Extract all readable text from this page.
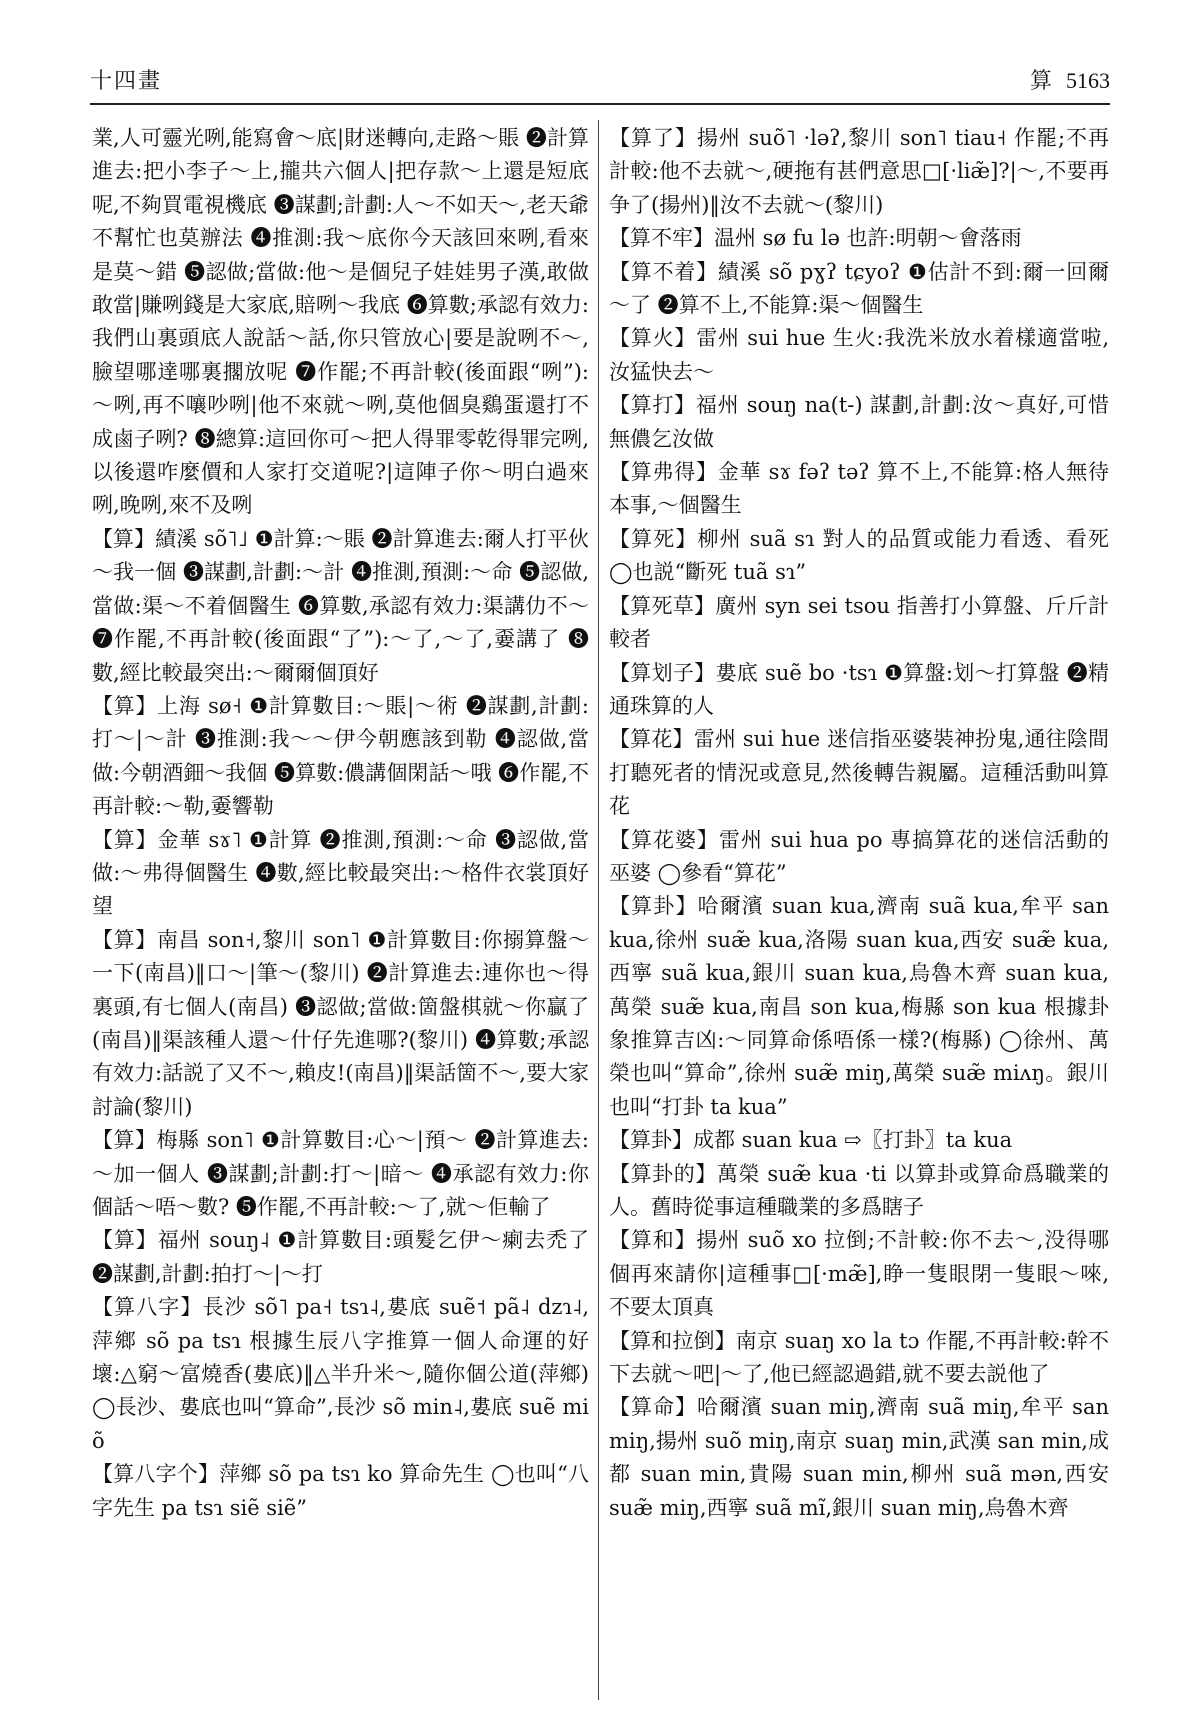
十四畫	算 5163

業,人可靈光咧,能寫會～底|財迷轉向,走路～賬 ❷計算進去:把小李子～上,攏共六個人|把存款～上還是短底呢,不夠買電視機底 ❸謀劃;計劃:人～不如天～,老天爺不幫忙也莫辦法 ❹推測:我～底你今天該回來咧,看來是莫～錯 ❺認做;當做:他～是個兒子娃娃男子漢,敢做敢當|賺咧錢是大家底,賠咧～我底 ❻算數;承認有效力:我們山裏頭底人說話～話,你只管放心|要是說咧不～,臉望哪達哪裏擱放呢 ❼作罷;不再計較(後面跟“咧”):～咧,再不嚷吵咧|他不來就～咧,莫他個臭鷄蛋還打不成鹵子咧? ❽總算:這回你可～把人得罪零乾得罪完咧,以後還咋麼價和人家打交道呢?|這陣子你～明白過來咧,晚咧,來不及咧

【算】績溪 sõ˥˩ ❶計算:～賬 ❷計算進去:爾人打平伙～我一個 ❸謀劃,計劃:～計 ❹推測,預測:～命 ❺認做,當做:渠～不着個醫生 ❻算數,承認有效力:渠講仂不～ ❼作罷,不再計較(後面跟“了”):～了,～了,嫑講了 ❽數,經比較最突出:～爾爾個頂好

【算】上海 sø˧ ❶計算數目:～賬|～術 ❷謀劃,計劃:打～|～計 ❸推測:我～～伊今朝應該到勒 ❹認做,當做:今朝酒鈿～我個 ❺算數:儂講個閑話～哦 ❻作罷,不再計較:～勒,嫑響勒

【算】金華 sɤ˥ ❶計算 ❷推測,預測:～命 ❸認做,當做:～弗得個醫生 ❹數,經比較最突出:～格件衣裳頂好望

【算】南昌 son˧,黎川 son˥ ❶計算數目:你搦算盤～一下(南昌)‖口～|筆～(黎川) ❷計算進去:連你也～得裏頭,有七個人(南昌) ❸認做;當做:箇盤棋就～你贏了(南昌)‖渠該種人還～什仔先進哪?(黎川) ❹算數;承認有效力:話説了又不～,賴皮!(南昌)‖渠話箇不～,要大家討論(黎川)

【算】梅縣 son˥ ❶計算數目:心～|預～ ❷計算進去:～加一個人 ❸謀劃;計劃:打～|暗～ ❹承認有效力:你個話～唔～數? ❺作罷,不再計較:～了,就～佢輸了

【算】福州 souŋ˨ ❶計算數目:頭髮乞伊～瘌去禿了 ❷謀劃,計劃:拍打～|～打

【算八字】長沙 sõ˥ pa˧ tsɿ˨,婁底 suẽ˦ pã˨ dzɿ˨,萍鄉 sõ pa tsɿ 根據生辰八字推算一個人命運的好壞:△窮～富燒香(婁底)‖△半升米～,隨你個公道(萍鄉) ◯長沙、婁底也叫“算命”,長沙 sõ min˨,婁底 suẽ mi õ

【算八字个】萍鄉 sõ pa tsɿ ko 算命先生 ◯也叫“八字先生 pa tsɿ siẽ siẽ”

【算了】揚州 suõ˥ ·ləʔ,黎川 son˥ tiau˧ 作罷;不再計較:他不去就～,硬拖有甚們意思□[·liæ̃]?|～,不要再争了(揚州)‖汝不去就～(黎川)

【算不牢】温州 sø fu lə 也許:明朝～會落雨

【算不着】績溪 sõ pɣʔ tɕyoʔ ❶估計不到:爾一回爾～了 ❷算不上,不能算:渠～個醫生

【算火】雷州 sui hue 生火:我洗米放水着樣適當啦,汝猛快去～

【算打】福州 souŋ na(t-) 謀劃,計劃:汝～真好,可惜無儂乞汝做

【算弗得】金華 sɤ fəʔ təʔ 算不上,不能算:格人無待本事,～個醫生

【算死】柳州 suã sɿ 對人的品質或能力看透、看死 ◯也説“斷死 tuã sɿ”

【算死草】廣州 syn sei tsou 指善打小算盤、斤斤計較者

【算划子】婁底 suẽ bo ·tsɿ ❶算盤:划～打算盤 ❷精通珠算的人

【算花】雷州 sui hue 迷信指巫婆裝神扮鬼,通往陰間打聽死者的情況或意見,然後轉告親屬。這種活動叫算花

【算花婆】雷州 sui hua po 專搞算花的迷信活動的巫婆 ◯參看“算花”

【算卦】哈爾濱 suan kua,濟南 suã kua,牟平 san kua,徐州 suæ̃ kua,洛陽 suan kua,西安 suæ̃ kua,西寧 suã kua,銀川 suan kua,烏魯木齊 suan kua,萬榮 suæ̃ kua,南昌 son kua,梅縣 son kua 根據卦象推算吉凶:～同算命係唔係一樣?(梅縣) ◯徐州、萬榮也叫“算命”,徐州 suæ̃ miŋ,萬榮 suæ̃ miʌŋ。銀川也叫“打卦 ta kua”

【算卦】成都 suan kua ⇨〖打卦〗ta kua

【算卦的】萬榮 suæ̃ kua ·ti 以算卦或算命爲職業的人。舊時從事這種職業的多爲瞎子

【算和】揚州 suõ xo 拉倒;不計較:你不去～,没得哪個再來請你|這種事□[·mæ̃],睁一隻眼閉一隻眼～唻,不要太頂真

【算和拉倒】南京 suaŋ xo la tɔ 作罷,不再計較:幹不下去就～吧|～了,他已經認過錯,就不要去説他了

【算命】哈爾濱 suan miŋ,濟南 suã miŋ,牟平 san miŋ,揚州 suõ miŋ,南京 suaŋ min,武漢 san min,成都 suan min,貴陽 suan min,柳州 suã mən,西安 suæ̃ miŋ,西寧 suã mĩ,銀川 suan miŋ,烏魯木齊
